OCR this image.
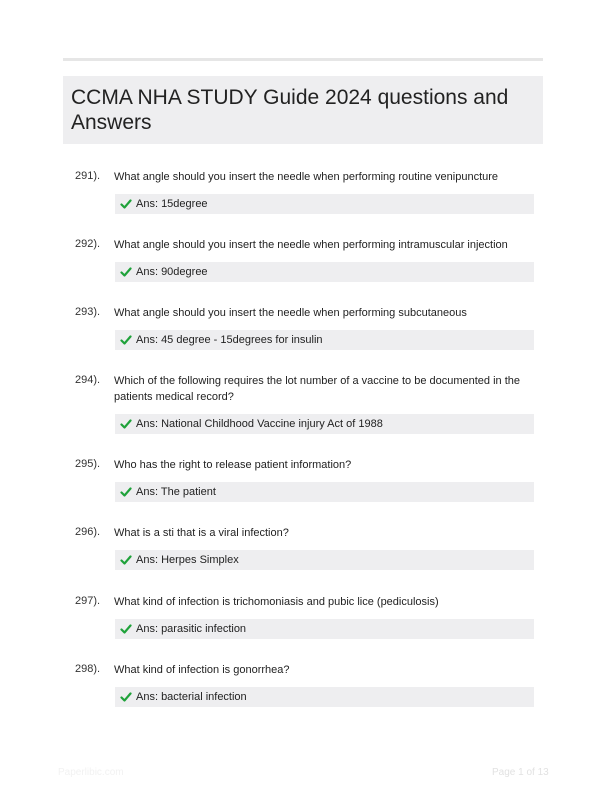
CCMA NHA STUDY Guide 2024 questions and Answers
291). What angle should you insert the needle when performing routine venipuncture
Ans: 15degree
292). What angle should you insert the needle when performing intramuscular injection
Ans: 90degree
293). What angle should you insert the needle when performing subcutaneous
Ans: 45 degree - 15degrees for insulin
294). Which of the following requires the lot number of a vaccine to be documented in the patients medical record?
Ans: National Childhood Vaccine injury Act of 1988
295). Who has the right to release patient information?
Ans: The patient
296). What is a sti that is a viral infection?
Ans: Herpes Simplex
297). What kind of infection is trichomoniasis and pubic lice (pediculosis)
Ans: parasitic infection
298). What kind of infection is gonorrhea?
Ans: bacterial infection
Paperlibic.com	Page 1 of 13
